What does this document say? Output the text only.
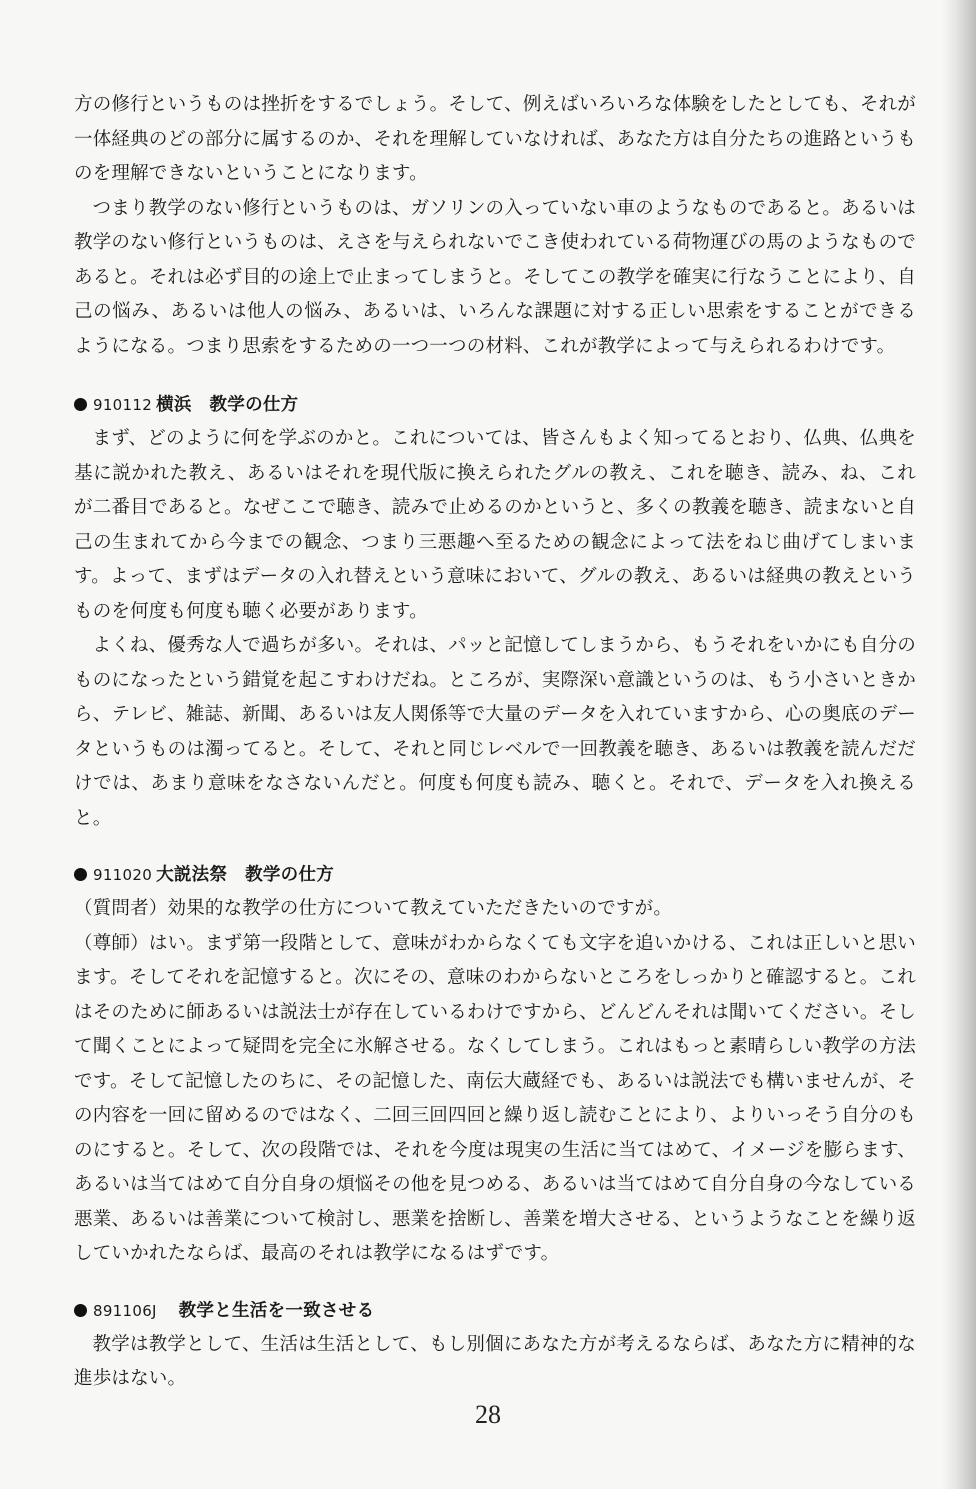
方の修行というものは挫折をするでしょう。そして、例えばいろいろな体験をしたとしても、それが一体経典のどの部分に属するのか、それを理解していなければ、あなた方は自分たちの進路というものを理解できないということになります。

つまり教学のない修行というものは、ガソリンの入っていない車のようなものであると。あるいは教学のない修行というものは、えさを与えられないでこき使われている荷物運びの馬のようなものであると。それは必ず目的の途上で止まってしまうと。そしてこの教学を確実に行なうことにより、自己の悩み、あるいは他人の悩み、あるいは、いろんな課題に対する正しい思索をすることができるようになる。つまり思索をするための一つ一つの材料、これが教学によって与えられるわけです。

910112 横浜　 教学の仕方

まず、どのように何を学ぶのかと。これについては、皆さんもよく知ってるとおり、仏典、仏典を基に説かれた教え、あるいはそれを現代版に換えられたグルの教え、これを聴き、読み、ね、これが二番目であると。なぜここで聴き、読みで止めるのかというと、多くの教義を聴き、読まないと自己の生まれてから今までの観念、つまり三悪趣へ至るための観念によって法をねじ曲げてしまいます。よって、まずはデータの入れ替えという意味において、グルの教え、あるいは経典の教えというものを何度も何度も聴く必要があります。

よくね、優秀な人で過ちが多い。それは、パッと記憶してしまうから、もうそれをいかにも自分のものになったという錯覚を起こすわけだね。ところが、実際深い意識というのは、もう小さいときから、テレビ、雑誌、新聞、あるいは友人関係等で大量のデータを入れていますから、心の奥底のデータというものは濁ってると。そして、それと同じレベルで一回教義を聴き、あるいは教義を読んだだけでは、あまり意味をなさないんだと。何度も何度も読み、聴くと。それで、データを入れ換えると。

911020 大説法祭　 教学の仕方

（質問者）効果的な教学の仕方について教えていただきたいのですが。

（尊師）はい。まず第一段階として、意味がわからなくても文字を追いかける、これは正しいと思います。そしてそれを記憶すると。次にその、意味のわからないところをしっかりと確認すると。これはそのために師あるいは説法士が存在しているわけですから、どんどんそれは聞いてください。そして聞くことによって疑問を完全に氷解させる。なくしてしまう。これはもっと素晴らしい教学の方法です。そして記憶したのちに、その記憶した、南伝大蔵経でも、あるいは説法でも構いませんが、その内容を一回に留めるのではなく、二回三回四回と繰り返し読むことにより、よりいっそう自分のものにすると。そして、次の段階では、それを今度は現実の生活に当てはめて、イメージを膨らます、あるいは当てはめて自分自身の煩悩その他を見つめる、あるいは当てはめて自分自身の今なしている悪業、あるいは善業について検討し、悪業を捨断し、善業を増大させる、というようなことを繰り返していかれたならば、最高のそれは教学になるはずです。

891106J　 教学と生活を一致させる

教学は教学として、生活は生活として、もし別個にあなた方が考えるならば、あなた方に精神的な進歩はない。

28
